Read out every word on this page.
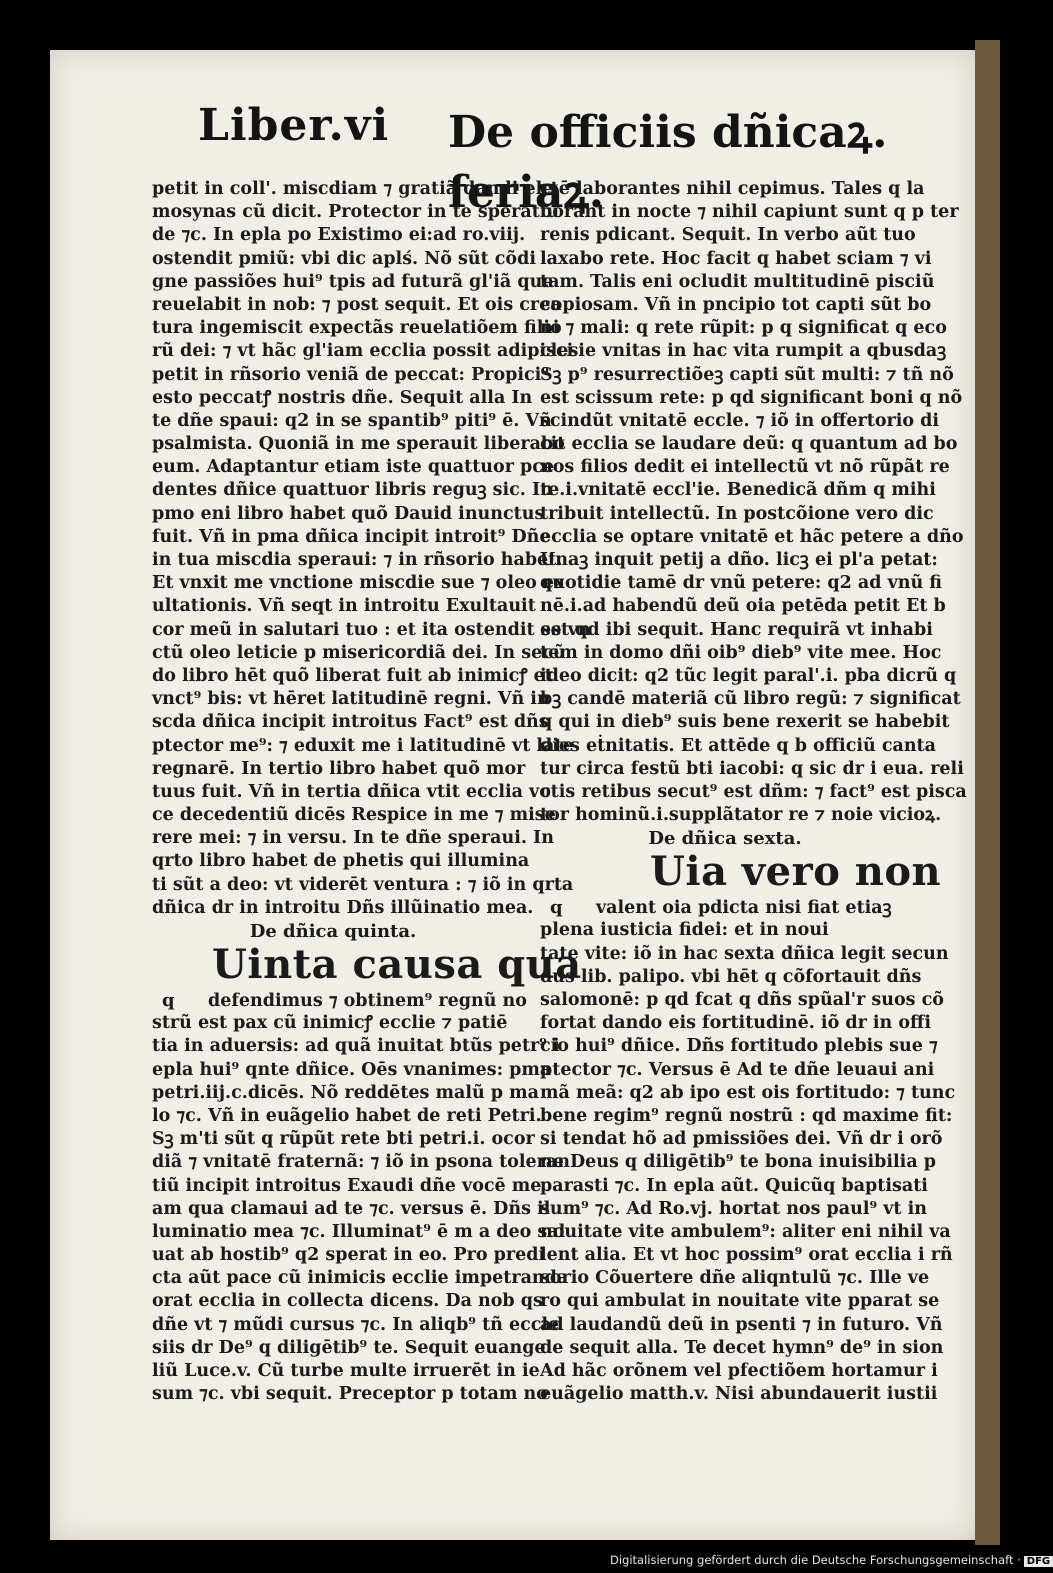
Liber.vi De officiis dñicaꝝ. feriaꝝ.
petit in coll'. miscdiam ⁊ gratiã dandi ele
mosynas cũ dicit. Protector in te sperãtiũ
de ⁊c. In epla po Existimo ei:ad ro.viij.
ostendit pmiũ: vbi dic aplś. Nõ sũt cõdi
gne passiões hui⁹ tpis ad futurã gl'iã que
reuelabit in nob: ⁊ post sequit. Et ois crea
tura ingemiscit expectãs reuelatiõem filio
rũ dei: ⁊ vt hãc gl'iam ecclia possit adipisci
petit in rñsorio veniã de peccat: Propici⁹
esto peccatꝭ nostris dñe. Sequit alla In
te dñe spaui: q2 in se spantib⁹ piti⁹ ē. Vñ
psalmista. Quoniã in me sperauit liberabo
eum. Adaptantur etiam iste quattuor pce
dentes dñice quattuor libris reguꝫ sic. In
pmo eni libro habet quõ Dauid inunctus
fuit. Vñ in pma dñica incipit introit⁹ Dñe
in tua miscdia speraui: ⁊ in rñsorio habet.
Et vnxit me vnctione miscdie sue ⁊ oleo ex
ultationis. Vñ seqt in introitu Exultauit
cor meũ in salutari tuo : et ita ostendit se vn
ctũ oleo leticie p misericordiã dei. In secũ
do libro hēt quõ liberat fuit ab inimicꝭ et
vnct⁹ bis: vt hēret latitudinē regni. Vñ in
scda dñica incipit introitus Fact⁹ est dñs
ptector me⁹: ⁊ eduxit me i latitudinē vt late
regnarē. In tertio libro habet quõ mor
tuus fuit. Vñ in tertia dñica vtit ecclia vo
ce decedentiũ dicēs Respice in me ⁊ mise
rere mei: ⁊ in versu. In te dñe speraui. In
qrto libro habet de phetis qui illumina
ti sũt a deo: vt viderēt ventura : ⁊ iõ in qrta
dñica dr in introitu Dñs illũinatio mea.
De dñica quinta.
Uinta causa qua
q defendimus ⁊ obtinem⁹ regnũ no
strũ est pax cũ inimicꝭ ecclie ⁊ patiē
tia in aduersis: ad quã inuitat btũs petr⁹ i
epla hui⁹ qnte dñice. Oēs vnanimes: pma
petri.iij.c.dicēs. Nõ reddētes malũ p ma
lo ⁊c. Vñ in euãgelio habet de reti Petri.
Sꝫ m'ti sũt q rũpũt rete bti petri.i. ocor
diã ⁊ vnitatē fraternã: ⁊ iõ in psona toleran
tiũ incipit introitus Exaudi dñe vocē me
am qua clamaui ad te ⁊c. versus ē. Dñs il
luminatio mea ⁊c. Illuminat⁹ ē m a deo sal
uat ab hostib⁹ q2 sperat in eo. Pro predi
cta aũt pace cũ inimicis ecclie impetranda
orat ecclia in collecta dicens. Da nob qs
dñe vt ⁊ mũdi cursus ⁊c. In aliqb⁹ tñ eccle
siis dr De⁹ q diligētib⁹ te. Sequit euange
liũ Luce.v. Cũ turbe multe irruerēt in ie
sum ⁊c. vbi sequit. Preceptor p totam no
ctē laborantes nihil cepimus. Tales q la
borant in nocte ⁊ nihil capiunt sunt q p ter
renis pdicant. Sequit. In verbo aũt tuo
laxabo rete. Hoc facit q habet sciam ⁊ vi
tam. Talis eni ocludit multitudinē pisciũ
copiosam. Vñ in pncipio tot capti sũt bo
ni ⁊ mali: q rete rũpit: p q significat q eco
clesie vnitas in hac vita rumpit a qbusdaꝫ
Sꝫ p⁹ resurrectiõeꝫ capti sũt multi: ⁊ tñ nõ
est scissum rete: p qd significant boni q nõ
scindũt vnitatē eccle. ⁊ iõ in offertorio di
cit ecclia se laudare deũ: q quantum ad bo
nos filios dedit ei intellectũ vt nõ rũpãt re
te.i.vnitatē eccl'ie. Benedicã dñm q mihi
tribuit intellectũ. In postcõione vero dic
ecclia se optare vnitatē et hãc petere a dño
Unaꝫ inquit petij a dño. licꝫ ei pl'a petat:
quotidie tamē dr vnũ petere: q2 ad vnũ fi
nē.i.ad habendũ deũ oia petēda petit Et b
est qd ibi sequit. Hanc requirã vt inhabi
tem in domo dñi oib⁹ dieb⁹ vite mee. Hoc
ideo dicit: q2 tũc legit paral'.i. pba dicrũ q
bꝫ candē materiã cũ libro regũ: ⁊ significat
q qui in dieb⁹ suis bene rexerit se habebit
dies eṫnitatis. Et attēde q b officiũ canta
tur circa festũ bti iacobi: q sic dr i eua. reli
ctis retibus secut⁹ est dñm: ⁊ fact⁹ est pisca
tor hominũ.i.supplãtator re ⁊ noie vicioꝝ.
De dñica sexta.
Uia vero non
q valent oia pdicta nisi fiat etiaꝫ
plena iusticia fidei: et in noui
tate vite: iõ in hac sexta dñica legit secun
dus lib. palipo. vbi hēt q cõfortauit dñs
salomonē: p qd fcat q dñs spũal'r suos cõ
fortat dando eis fortitudinē. iõ dr in offi
cio hui⁹ dñice. Dñs fortitudo plebis sue ⁊
ptector ⁊c. Versus ē Ad te dñe leuaui ani
mã meã: q2 ab ipo est ois fortitudo: ⁊ tunc
bene regim⁹ regnũ nostrũ : qd maxime fit:
si tendat hõ ad pmissiões dei. Vñ dr i orõ
ne Deus q diligētib⁹ te bona inuisibilia p
parasti ⁊c. In epla aũt. Quicũq baptisati
sum⁹ ⁊c. Ad Ro.vj. hortat nos paul⁹ vt in
nouitate vite ambulem⁹: aliter eni nihil va
lent alia. Et vt hoc possim⁹ orat ecclia i rñ
sorio Cõuertere dñe aliqntulũ ⁊c. Ille ve
ro qui ambulat in nouitate vite pparat se
ad laudandũ deũ in psenti ⁊ in futuro. Vñ
de sequit alla. Te decet hymn⁹ de⁹ in sion
Ad hãc orõnem vel pfectiõem hortamur i
euãgelio matth.v. Nisi abundauerit iustii
Digitalisierung gefördert durch die Deutsche Forschungsgemeinschaft · DFG
